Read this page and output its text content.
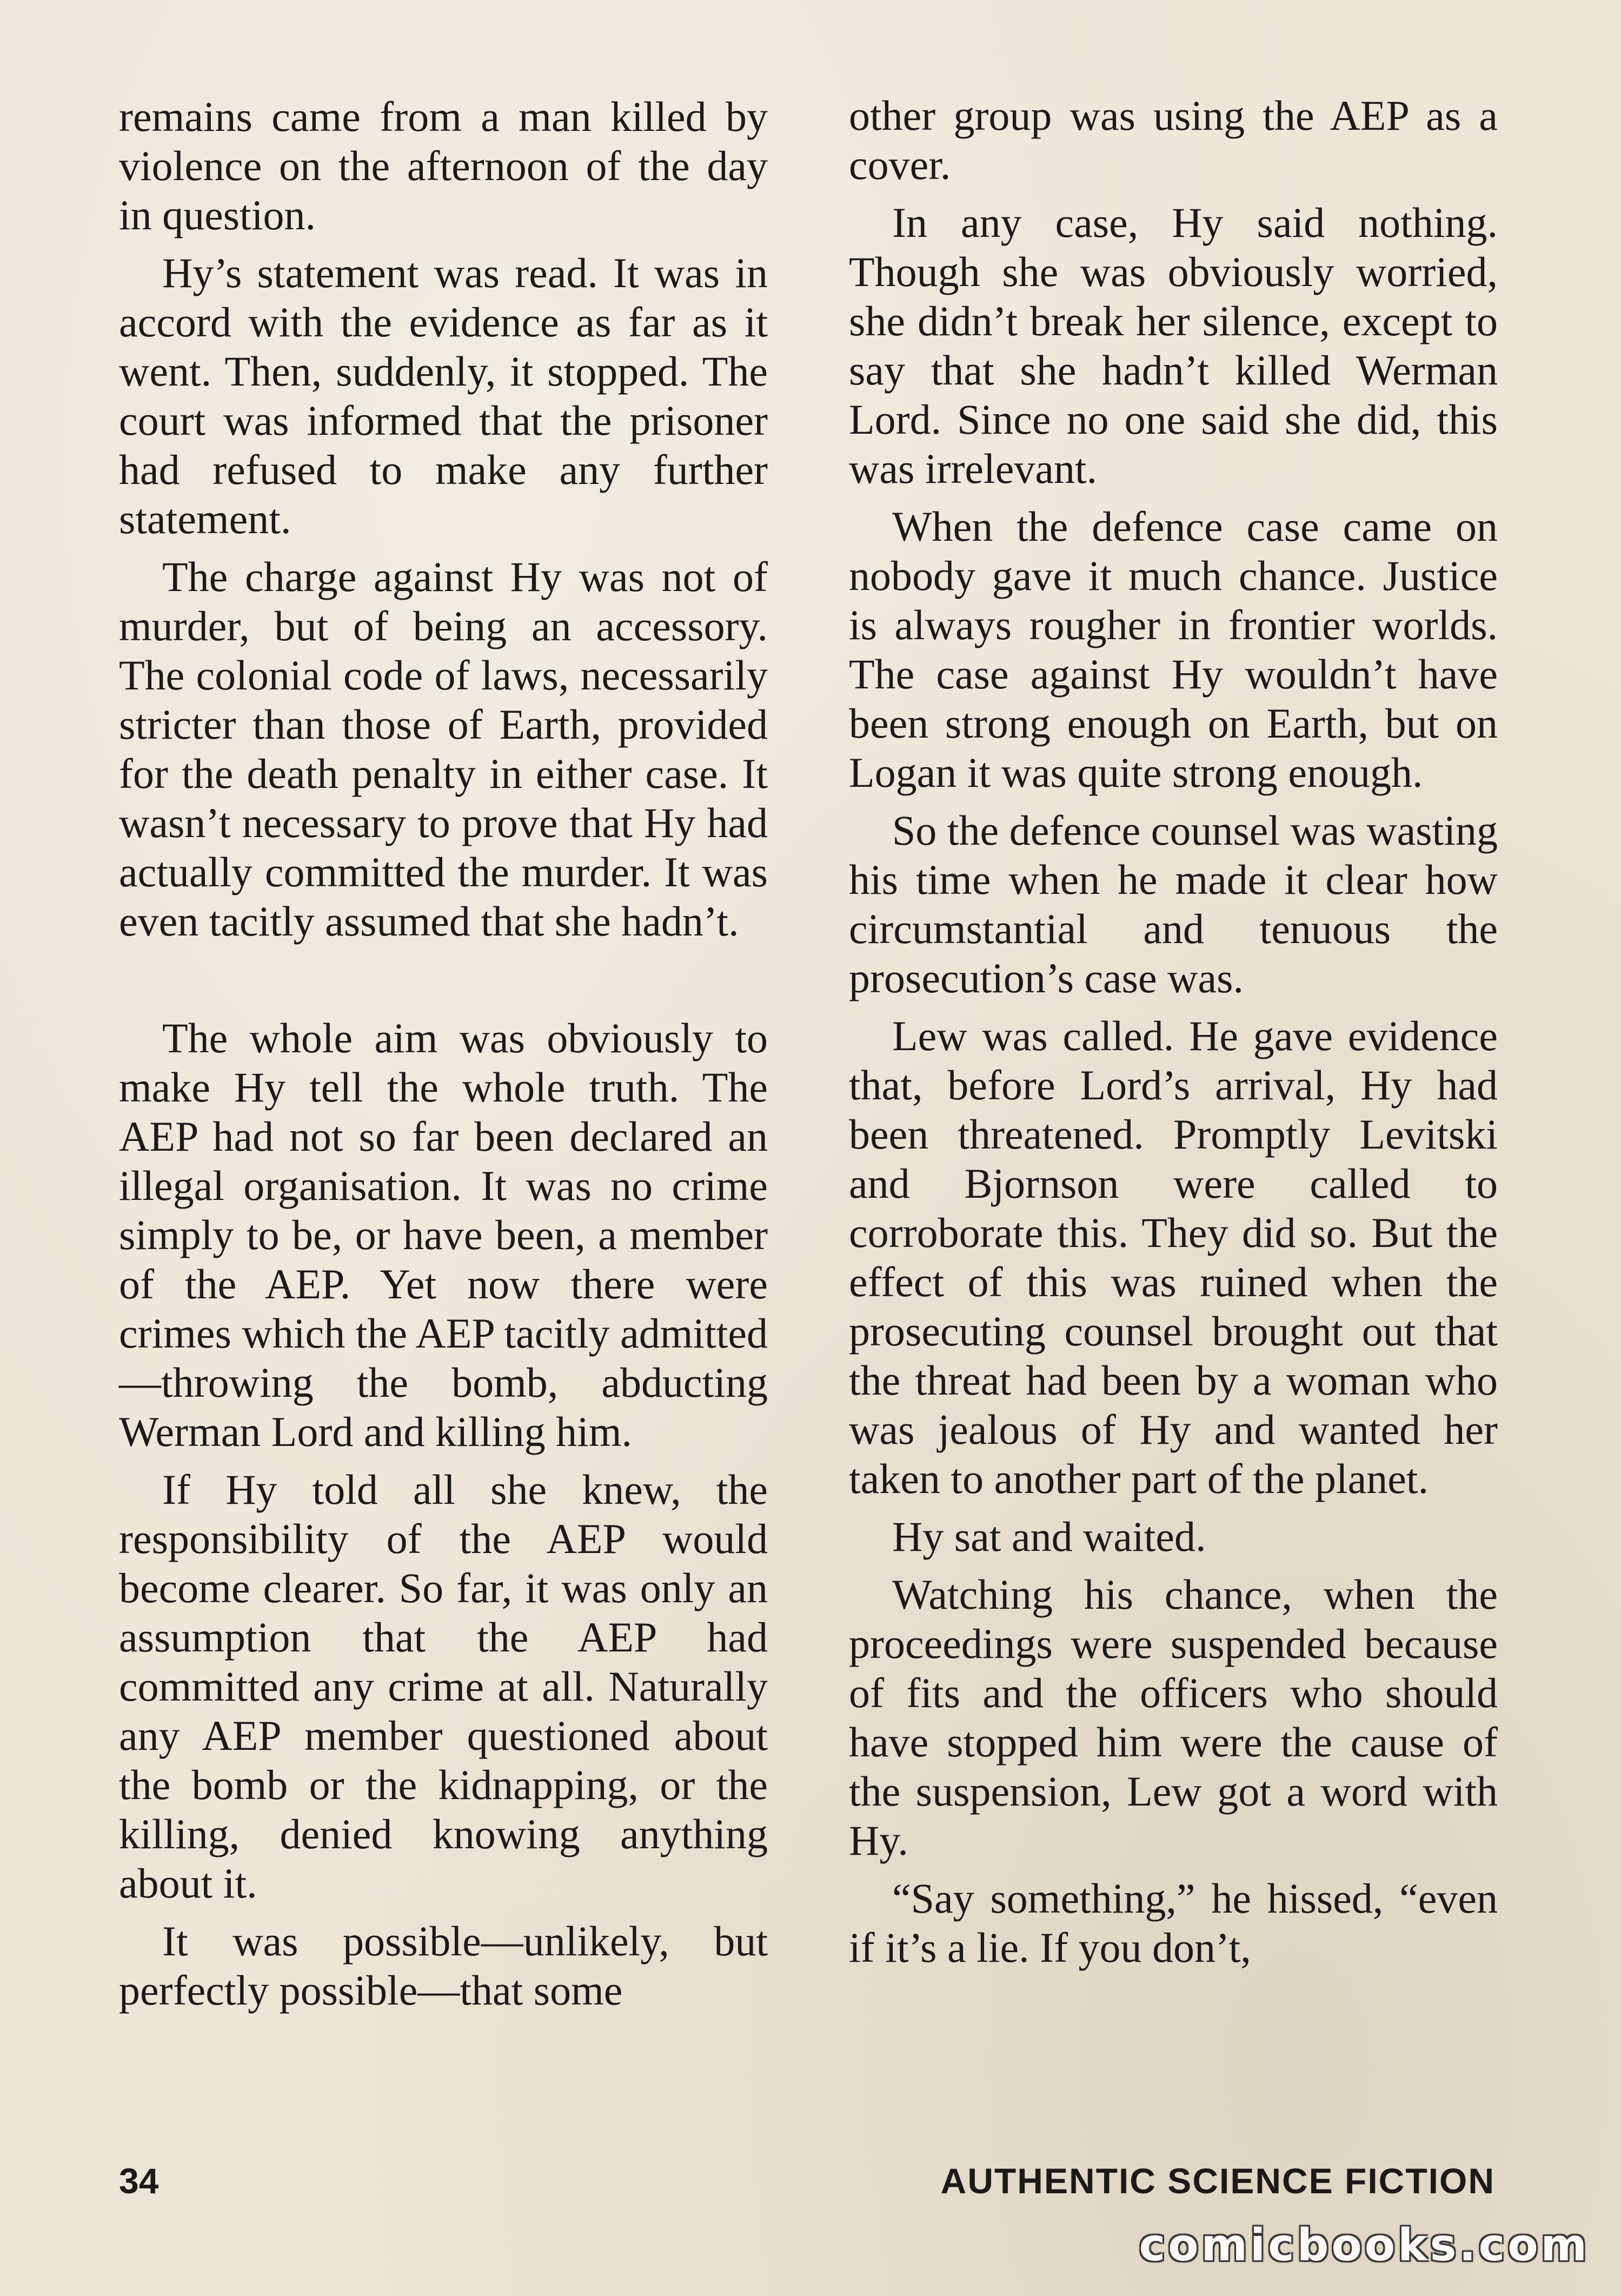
remains came from a man killed by violence on the afternoon of the day in question.

Hy’s statement was read. It was in accord with the evidence as far as it went. Then, suddenly, it stopped. The court was informed that the prisoner had refused to make any further statement.

The charge against Hy was not of murder, but of being an accessory. The colonial code of laws, necessarily stricter than those of Earth, provided for the death penalty in either case. It wasn’t necessary to prove that Hy had actually committed the murder. It was even tacitly assumed that she hadn’t.

The whole aim was obviously to make Hy tell the whole truth. The AEP had not so far been declared an illegal organisation. It was no crime simply to be, or have been, a member of the AEP. Yet now there were crimes which the AEP tacitly admitted—throwing the bomb, abducting Werman Lord and killing him.

If Hy told all she knew, the responsibility of the AEP would become clearer. So far, it was only an assumption that the AEP had committed any crime at all. Naturally any AEP member questioned about the bomb or the kidnapping, or the killing, denied knowing anything about it.

It was possible—unlikely, but perfectly possible—that some

other group was using the AEP as a cover.

In any case, Hy said nothing. Though she was obviously worried, she didn’t break her silence, except to say that she hadn’t killed Werman Lord. Since no one said she did, this was irrelevant.

When the defence case came on nobody gave it much chance. Justice is always rougher in frontier worlds. The case against Hy wouldn’t have been strong enough on Earth, but on Logan it was quite strong enough.

So the defence counsel was wasting his time when he made it clear how circumstantial and tenuous the prosecution’s case was.

Lew was called. He gave evidence that, before Lord’s arrival, Hy had been threatened. Promptly Levitski and Bjornson were called to corroborate this. They did so. But the effect of this was ruined when the prosecuting counsel brought out that the threat had been by a woman who was jealous of Hy and wanted her taken to another part of the planet.

Hy sat and waited.

Watching his chance, when the proceedings were suspended because of fits and the officers who should have stopped him were the cause of the suspension, Lew got a word with Hy.

“Say something,” he hissed, “even if it’s a lie. If you don’t,

34	AUTHENTIC SCIENCE FICTION
comicbooks.com
